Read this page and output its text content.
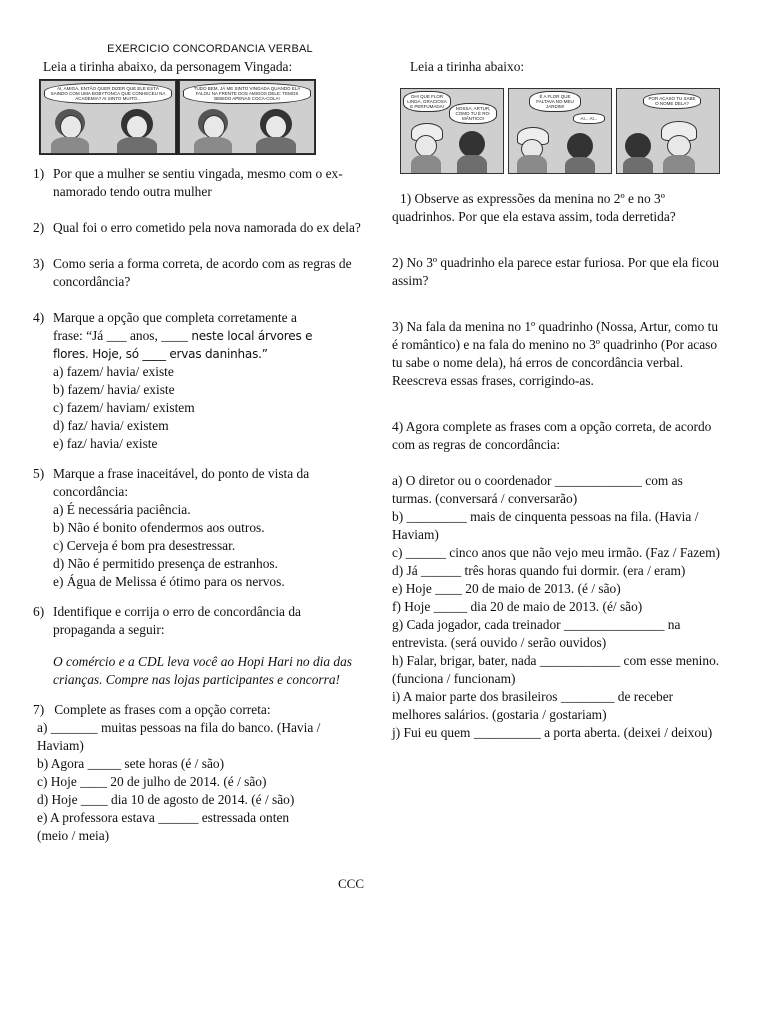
EXERCICIO CONCORDANCIA VERBAL

Leia a tirinha abaixo, da personagem Vingada:

AI, AMIGA, ENTÃO QUER DIZER QUE ELE ESTÁ SAINDO COM UMA BOBYTONCA QUE CONHECEU NA ACADEMIA? AI SINTO MUITO...
TUDO BEM, JÁ ME SINTO VINGADA QUANDO ELA FALOU NA FRENTE DOS AMIGOS DELE: TEMOS BEBIDO APENAS COCA-COLA!
1) Por que a mulher se sentiu vingada, mesmo com o ex-namorado tendo outra mulher
2) Qual foi o erro cometido pela nova namorada do ex dela?
3) Como seria a forma correta, de acordo com as regras de concordância?
4) Marque a opção que completa corretamente a
frase: “Já ___ anos, ____ neste local árvores e
flores. Hoje, só ____ ervas daninhas.”
a) fazem/ havia/ existe
b) fazem/ havia/ existe
c) fazem/ haviam/ existem
d) faz/ havia/ existem
e) faz/ havia/ existe
5) Marque a frase inaceitável, do ponto de vista da concordância:
a) É necessária paciência.
b) Não é bonito ofendermos aos outros.
c) Cerveja é bom pra desestressar.
d) Não é permitido presença de estranhos.
e) Água de Melissa é ótimo para os nervos.
6) Identifique e corrija o erro de concordância da propaganda a seguir:
O comércio e a CDL leva você ao Hopi Hari no dia das crianças. Compre nas lojas participantes e concorra!
7) Complete as frases com a opção correta:
a) _______ muitas pessoas na fila do banco. (Havia / Haviam)
b) Agora _____ sete horas (é / são)
c) Hoje ____ 20 de julho de 2014. (é / são)
d) Hoje ____ dia 10 de agosto de 2014. (é / são)
e) A professora estava ______ estressada onten
(meio / meia)
CCC

Leia a tirinha abaixo:

OH! QUE FLOR LINDA, GRACIOSA E PERFUMADA!	NOSSA, ARTUR, COMO TU É RO-MÂNTICO!
É A FLOR QUE FALTAVA NO MEU JARDIM!
AI... AI...
POR ACASO TU SABE O NOME DELA?
1) Observe as expressões da menina no 2º e no 3º quadrinhos. Por que ela estava assim, toda derretida?
2) No 3º quadrinho ela parece estar furiosa. Por que ela ficou assim?
3) Na fala da menina no 1º quadrinho (Nossa, Artur, como tu é romântico) e na fala do menino no 3º quadrinho (Por acaso tu sabe o nome dela), há erros de concordância verbal. Reescreva essas frases, corrigindo-as.
4) Agora complete as frases com a opção correta, de acordo com as regras de concordância:
a) O diretor ou o coordenador _____________ com as turmas. (conversará / conversarão)
b) _________ mais de cinquenta pessoas na fila. (Havia / Haviam)
c) ______ cinco anos que não vejo meu irmão. (Faz / Fazem)
d) Já ______ três horas quando fui dormir. (era / eram)
e) Hoje ____ 20 de maio de 2013. (é / são)
f) Hoje _____ dia 20 de maio de 2013. (é/ são)
g) Cada jogador, cada treinador _______________ na entrevista. (será ouvido / serão ouvidos)
h) Falar, brigar, bater, nada ____________ com esse menino. (funciona / funcionam)
i) A maior parte dos brasileiros ________ de receber melhores salários. (gostaria / gostariam)
j) Fui eu quem __________ a porta aberta. (deixei / deixou)
